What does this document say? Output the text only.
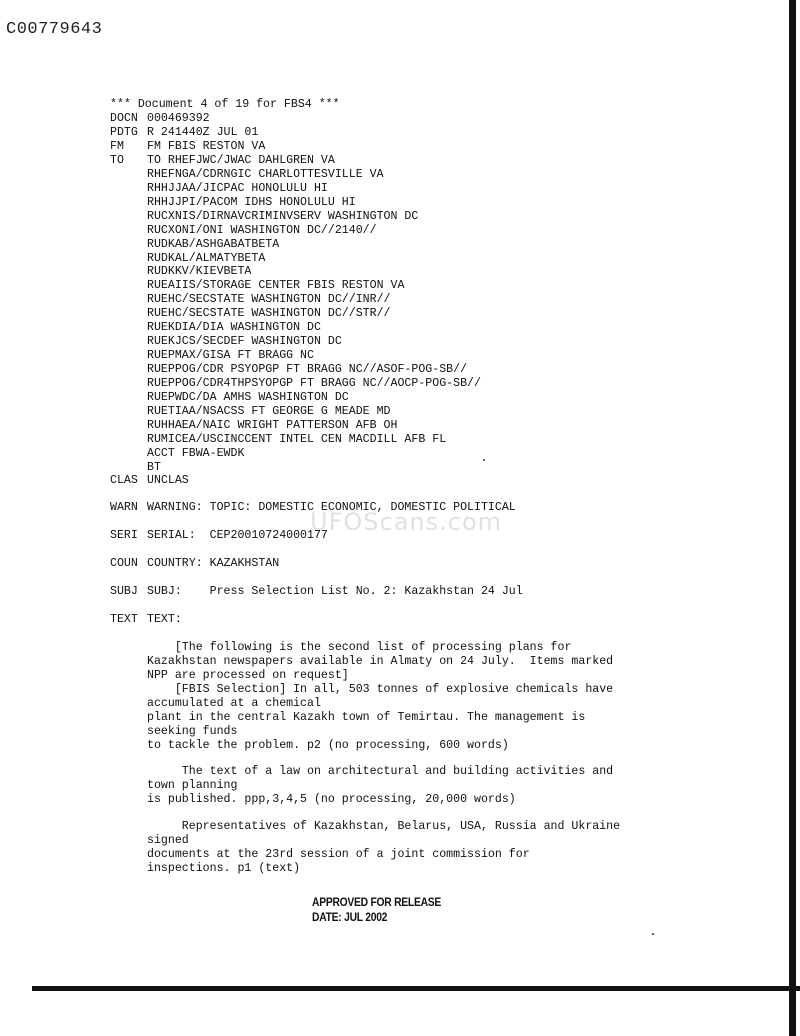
C00779643
*** Document 4 of 19 for FBS4 ***
DOCN 000469392
PDTG R 241440Z JUL 01
FM FM FBIS RESTON VA
TO TO RHEFJWC/JWAC DAHLGREN VA
RHEFNGA/CDRNGIC CHARLOTTESVILLE VA
RHHJJAA/JICPAC HONOLULU HI
RHHJJPI/PACOM IDHS HONOLULU HI
RUCXNIS/DIRNAVCRIMINVSERV WASHINGTON DC
RUCXONI/ONI WASHINGTON DC//2140//
RUDKAB/ASHGABATBETA
RUDKAL/ALMATYBETA
RUDKKV/KIEVBETA
RUEAIIS/STORAGE CENTER FBIS RESTON VA
RUEHC/SECSTATE WASHINGTON DC//INR//
RUEHC/SECSTATE WASHINGTON DC//STR//
RUEKDIA/DIA WASHINGTON DC
RUEKJCS/SECDEF WASHINGTON DC
RUEPMAX/GISA FT BRAGG NC
RUEPPOG/CDR PSYOPGP FT BRAGG NC//ASOF-POG-SB//
RUEPPOG/CDR4THPSYOPGP FT BRAGG NC//AOCP-POG-SB//
RUEPWDC/DA AMHS WASHINGTON DC
RUETIAA/NSACSS FT GEORGE G MEADE MD
RUHHAEA/NAIC WRIGHT PATTERSON AFB OH
RUMICEA/USCINCCENT INTEL CEN MACDILL AFB FL
ACCT FBWA-EWDK
BT
CLAS UNCLAS
WARN WARNING: TOPIC: DOMESTIC ECONOMIC, DOMESTIC POLITICAL
SERI SERIAL:  CEP20010724000177
COUN COUNTRY: KAZAKHSTAN
SUBJ SUBJ:    Press Selection List No. 2: Kazakhstan 24 Jul
TEXT TEXT:
[The following is the second list of processing plans for
Kazakhstan newspapers available in Almaty on 24 July.  Items marked
NPP are processed on request]
[FBIS Selection] In all, 503 tonnes of explosive chemicals have
accumulated at a chemical
plant in the central Kazakh town of Temirtau. The management is
seeking funds
to tackle the problem. p2 (no processing, 600 words)
The text of a law on architectural and building activities and
town planning
is published. ppp,3,4,5 (no processing, 20,000 words)
Representatives of Kazakhstan, Belarus, USA, Russia and Ukraine
signed
documents at the 23rd session of a joint commission for
inspections. p1 (text)
UFOScans.com
APPROVED FOR RELEASE
DATE: JUL 2002
